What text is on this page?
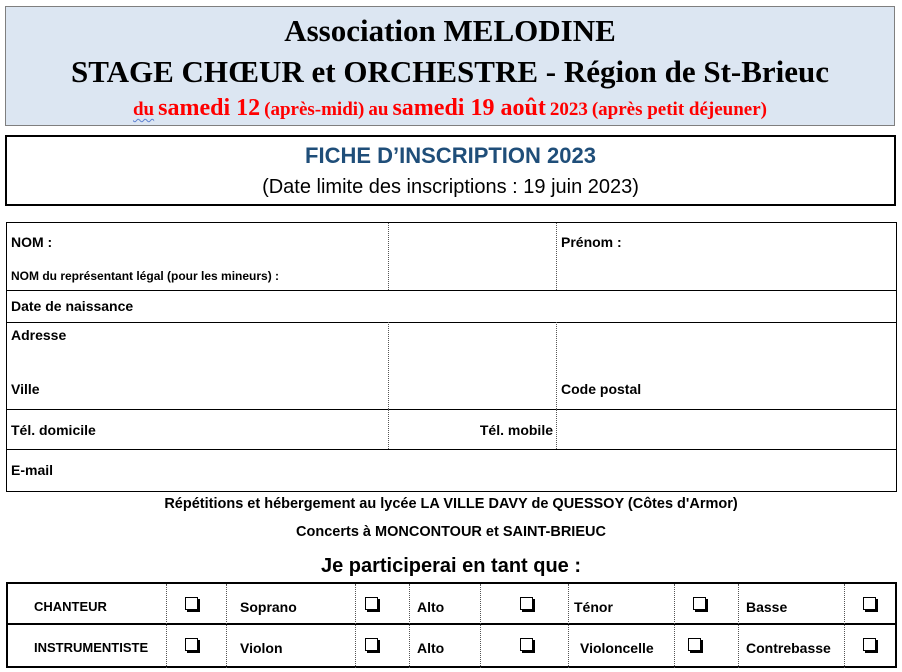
Association MELODINE
STAGE CHŒUR et ORCHESTRE - Région de St-Brieuc
du samedi 12 (après-midi) au samedi 19 août 2023 (après petit déjeuner)
FICHE D’INSCRIPTION 2023
(Date limite des inscriptions : 19 juin 2023)
NOM :	Prénom :
NOM du représentant légal (pour les mineurs) :
Date de naissance
Adresse
Ville	Code postal
Tél. domicile	Tél. mobile
E-mail
Répétitions et hébergement au lycée LA VILLE DAVY de QUESSOY (Côtes d'Armor)
Concerts à MONCONTOUR et SAINT-BRIEUC
Je participerai en tant que :
CHANTEUR	Soprano	Alto	Ténor	Basse
INSTRUMENTISTE	Violon	Alto	Violoncelle	Contrebasse
